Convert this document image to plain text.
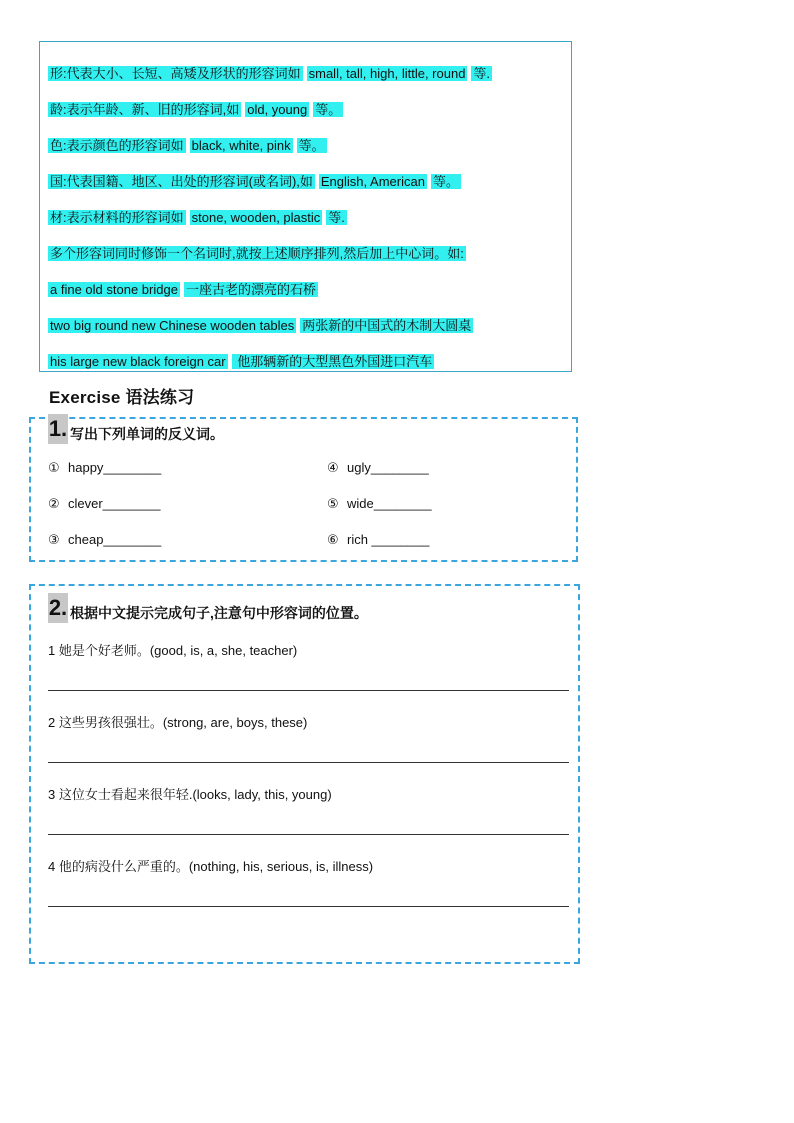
形:代表大小、长短、高矮及形状的形容词如 small, tall, high, little, round 等.
龄:表示年龄、新、旧的形容词,如 old, young 等。
色:表示颜色的形容词如 black, white, pink 等。
国:代表国籍、地区、出处的形容词(或名词),如 English, American 等。
材:表示材料的形容词如 stone, wooden, plastic 等.
多个形容词同时修饰一个名词时,就按上述顺序排列,然后加上中心词。如:
a fine old stone bridge 一座古老的漂亮的石桥
two big round new Chinese wooden tables 两张新的中国式的木制大圆桌
his large new black foreign car 他那辆新的大型黑色外国进口汽车
Exercise 语法练习
1. 写出下列单词的反义词。
① happy________	④ ugly________
② clever________	⑤ wide________
③ cheap________	⑥ rich ________
2. 根据中文提示完成句子,注意句中形容词的位置。
1 她是个好老师。(good, is, a, she, teacher)
2 这些男孩很强壮。(strong, are, boys, these)
3 这位女士看起来很年轻.(looks, lady, this, young)
4 他的病没什么严重的。(nothing, his, serious, is, illness)
